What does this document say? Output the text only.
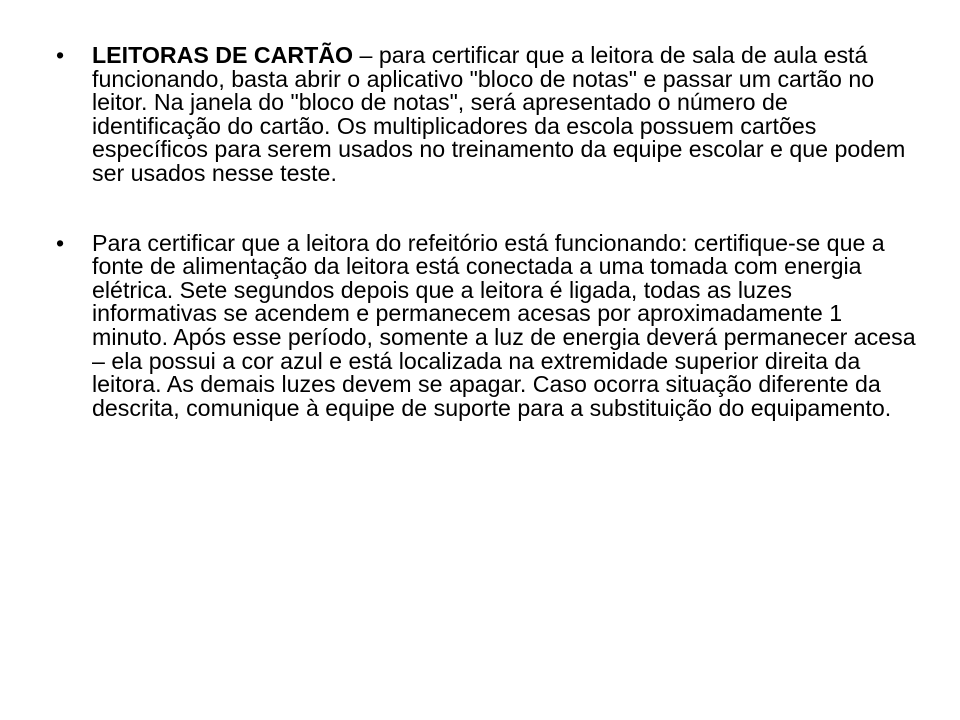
•	LEITORAS DE CARTÃO – para certificar que a leitora de sala de aula está funcionando, basta abrir o aplicativo "bloco de notas" e passar um cartão no leitor. Na janela do "bloco de notas", será apresentado o número de identificação do cartão. Os multiplicadores da escola possuem cartões específicos para serem usados no treinamento da equipe escolar e que podem ser usados nesse teste.
•	Para certificar que a leitora do refeitório está funcionando: certifique-se que a fonte de alimentação da leitora está conectada a uma tomada com energia elétrica. Sete segundos depois que a leitora é ligada, todas as luzes informativas se acendem e permanecem acesas por aproximadamente 1 minuto. Após esse período, somente a luz de energia deverá permanecer acesa – ela possui a cor azul e está localizada na extremidade superior direita da leitora. As demais luzes devem se apagar. Caso ocorra situação diferente da descrita, comunique à equipe de suporte para a substituição do equipamento.
